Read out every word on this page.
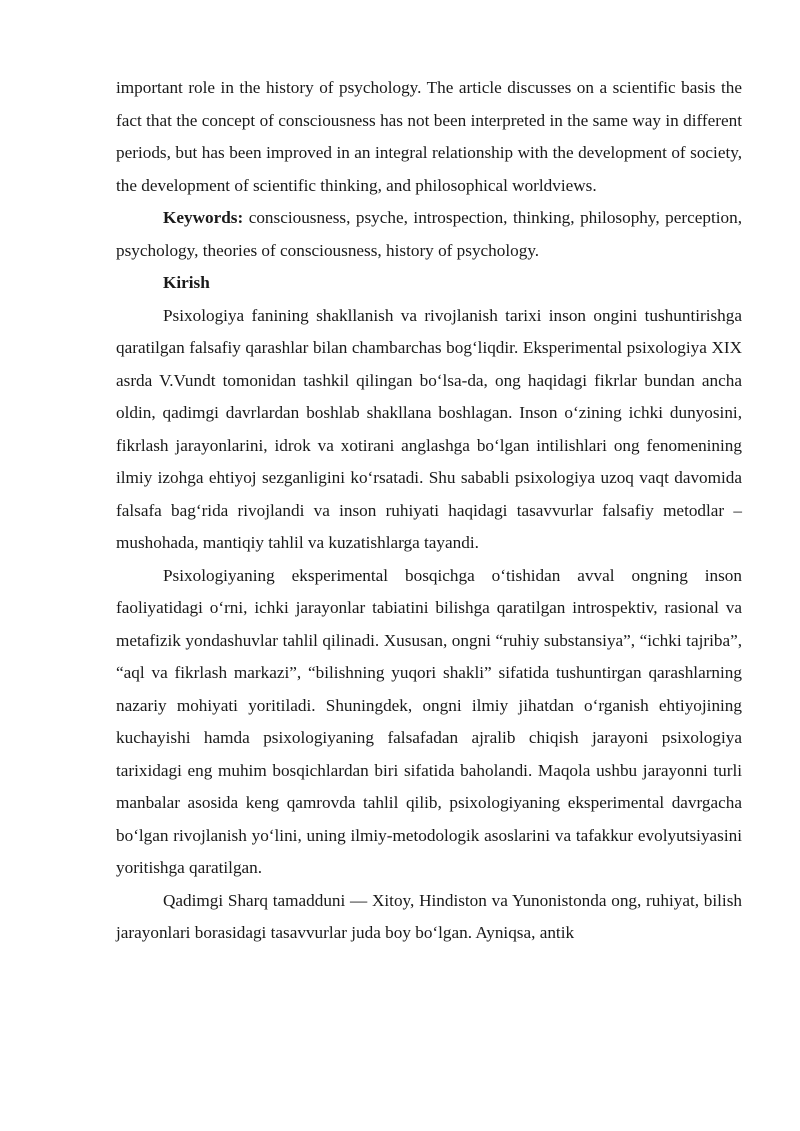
important role in the history of psychology. The article discusses on a scientific basis the fact that the concept of consciousness has not been interpreted in the same way in different periods, but has been improved in an integral relationship with the development of society, the development of scientific thinking, and philosophical worldviews.

Keywords: consciousness, psyche, introspection, thinking, philosophy, perception, psychology, theories of consciousness, history of psychology.

Kirish

Psixologiya fanining shakllanish va rivojlanish tarixi inson ongini tushuntirishga qaratilgan falsafiy qarashlar bilan chambarchas bog‘liqdir. Eksperimental psixologiya XIX asrda V.Vundt tomonidan tashkil qilingan bo‘lsa-da, ong haqidagi fikrlar bundan ancha oldin, qadimgi davrlardan boshlab shakllana boshlagan. Inson o‘zining ichki dunyosini, fikrlash jarayonlarini, idrok va xotirani anglashga bo‘lgan intilishlari ong fenomenining ilmiy izohga ehtiyoj sezganligini ko‘rsatadi. Shu sababli psixologiya uzoq vaqt davomida falsafa bag‘rida rivojlandi va inson ruhiyati haqidagi tasavvurlar falsafiy metodlar – mushohada, mantiqiy tahlil va kuzatishlarga tayandi.

Psixologiyaning eksperimental bosqichga o‘tishidan avval ongning inson faoliyatidagi o‘rni, ichki jarayonlar tabiatini bilishga qaratilgan introspektiv, rasional va metafizik yondashuvlar tahlil qilinadi. Xususan, ongni “ruhiy substansiya”, “ichki tajriba”, “aql va fikrlash markazi”, “bilishning yuqori shakli” sifatida tushuntirgan qarashlarning nazariy mohiyati yoritiladi. Shuningdek, ongni ilmiy jihatdan o‘rganish ehtiyojining kuchayishi hamda psixologiyaning falsafadan ajralib chiqish jarayoni psixologiya tarixidagi eng muhim bosqichlardan biri sifatida baholandi. Maqola ushbu jarayonni turli manbalar asosida keng qamrovda tahlil qilib, psixologiyaning eksperimental davrgacha bo‘lgan rivojlanish yo‘lini, uning ilmiy-metodologik asoslarini va tafakkur evolyutsiyasini yoritishga qaratilgan.

Qadimgi Sharq tamadduni — Xitoy, Hindiston va Yunonistonda ong, ruhiyat, bilish jarayonlari borasidagi tasavvurlar juda boy bo‘lgan. Ayniqsa, antik
